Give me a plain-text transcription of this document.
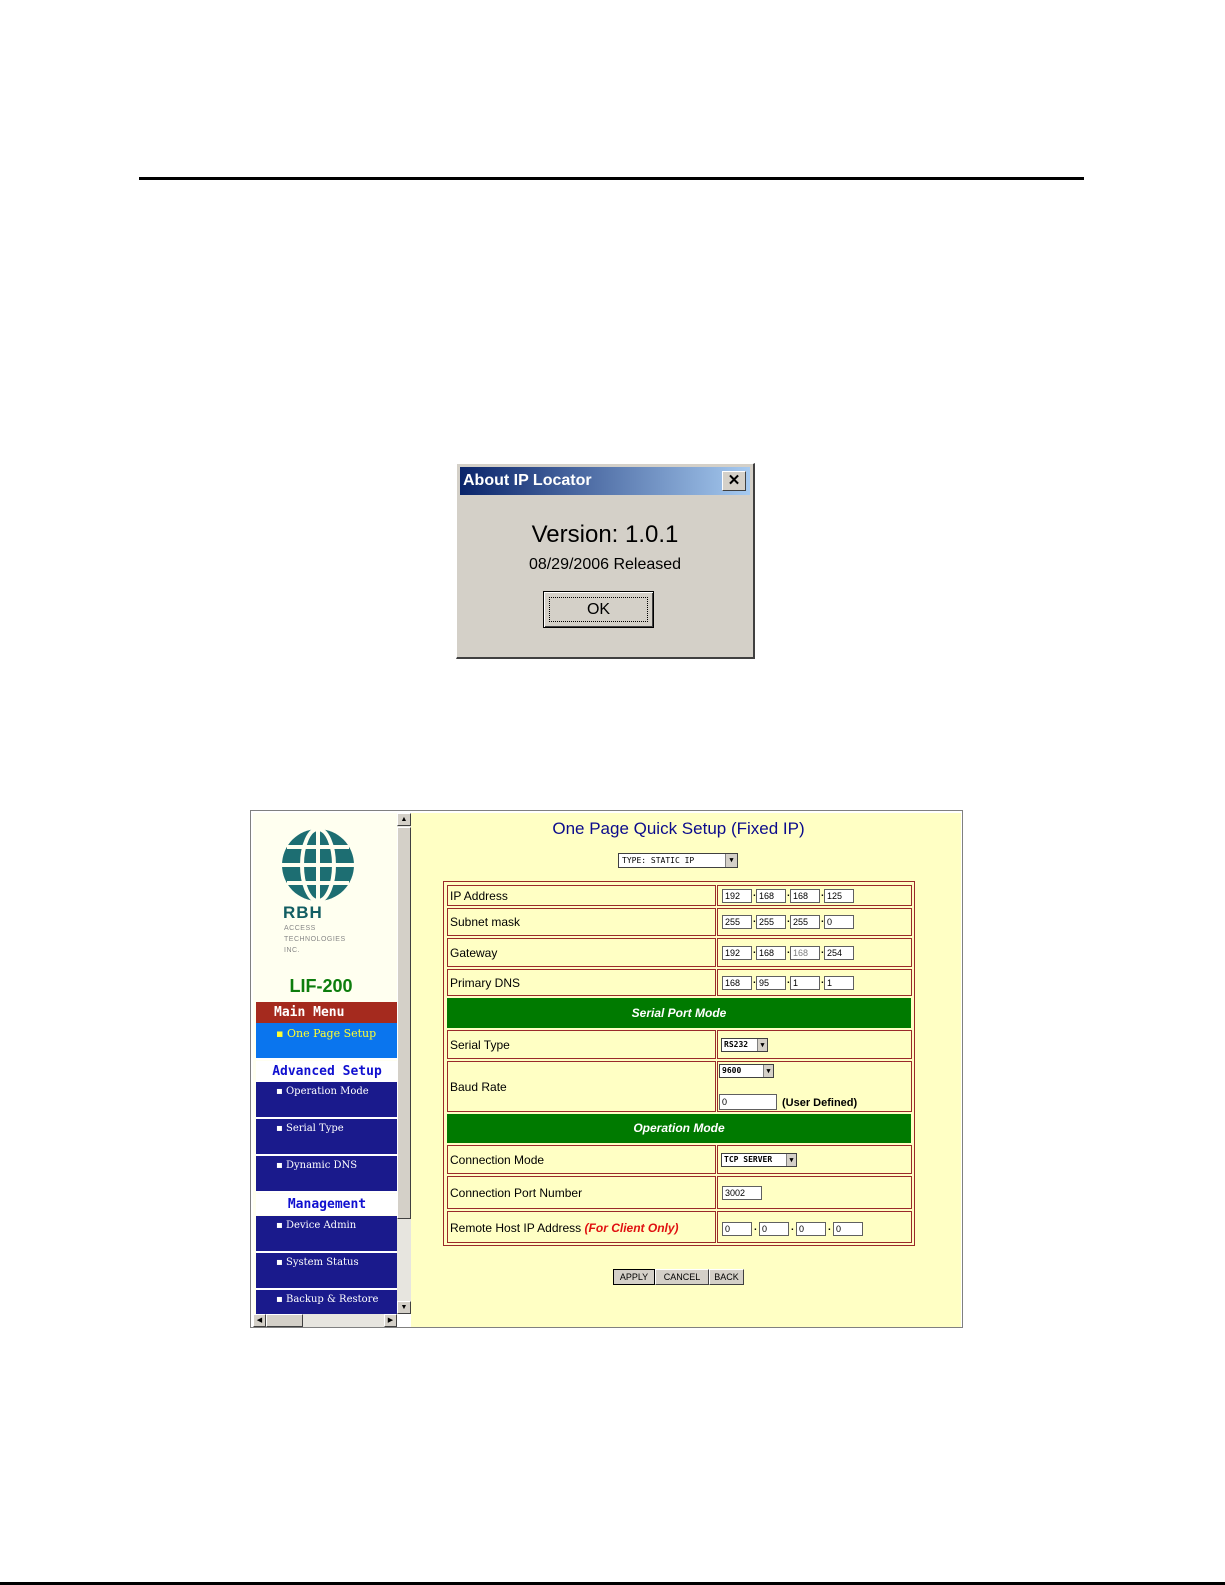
About IP Locator	✕
Version: 1.0.1
08/29/2006 Released
OK
RBH
ACCESS
TECHNOLOGIES
INC.
LIF-200
Main Menu
▪ One Page Setup
Advanced Setup
▪ Operation Mode
▪ Serial Type
▪ Dynamic DNS
Management
▪ Device Admin
▪ System Status
▪ Backup & Restore
▲
▼
◀	▶
One Page Quick Setup (Fixed IP)
TYPE: STATIC IP	▼
IP Address	192	. 168	. 168	. 125
Subnet mask	255	. 255	. 255	. 0
Gateway	192	. 168	. 168	. 254
Primary DNS	168	. 95	. 1	. 1
Serial Port Mode
Serial Type	RS232	▼
Baud Rate
9600	▼
0	(User Defined)
Operation Mode
Connection Mode	TCP SERVER	▼
Connection Port Number	3002
Remote Host IP Address (For Client Only)	0	. 0	. 0	. 0
APPLY	CANCEL	BACK
